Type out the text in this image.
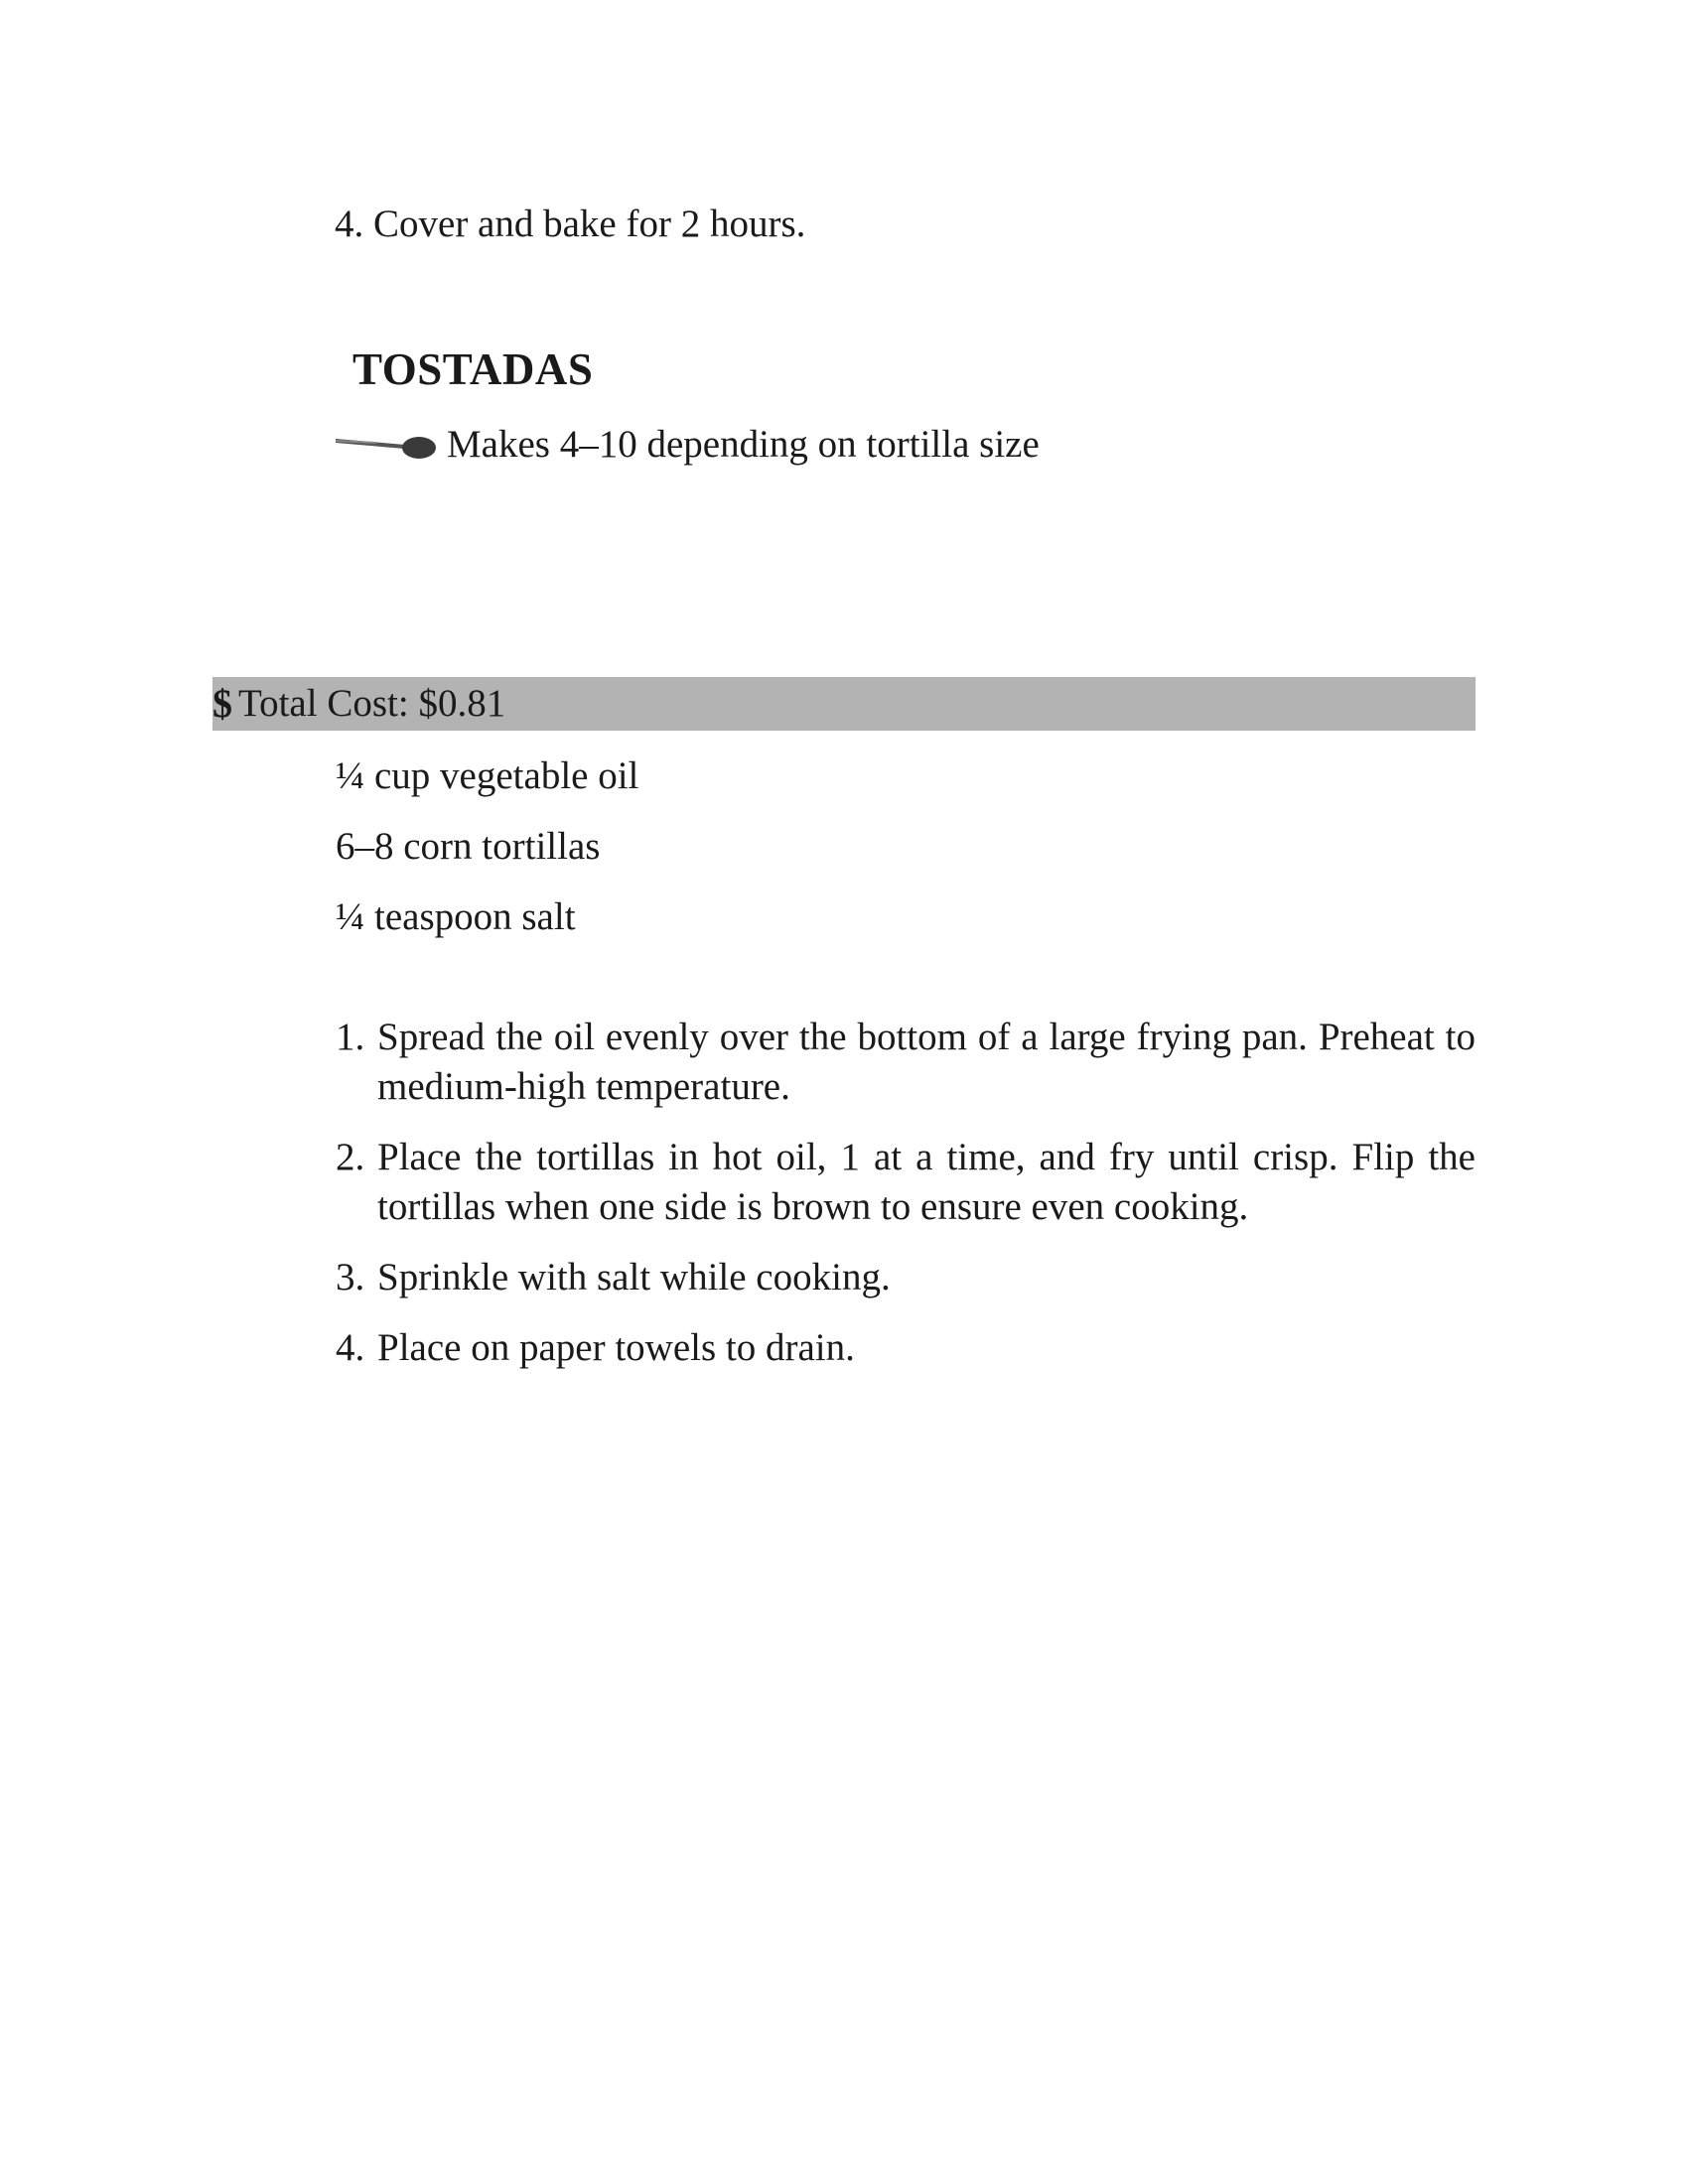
4. Cover and bake for 2 hours.
TOSTADAS
Makes 4–10 depending on tortilla size
$ Total Cost: $0.81
¼ cup vegetable oil
6–8 corn tortillas
¼ teaspoon salt
1. Spread the oil evenly over the bottom of a large frying pan. Preheat to medium-high temperature.
2. Place the tortillas in hot oil, 1 at a time, and fry until crisp. Flip the tortillas when one side is brown to ensure even cooking.
3. Sprinkle with salt while cooking.
4. Place on paper towels to drain.
